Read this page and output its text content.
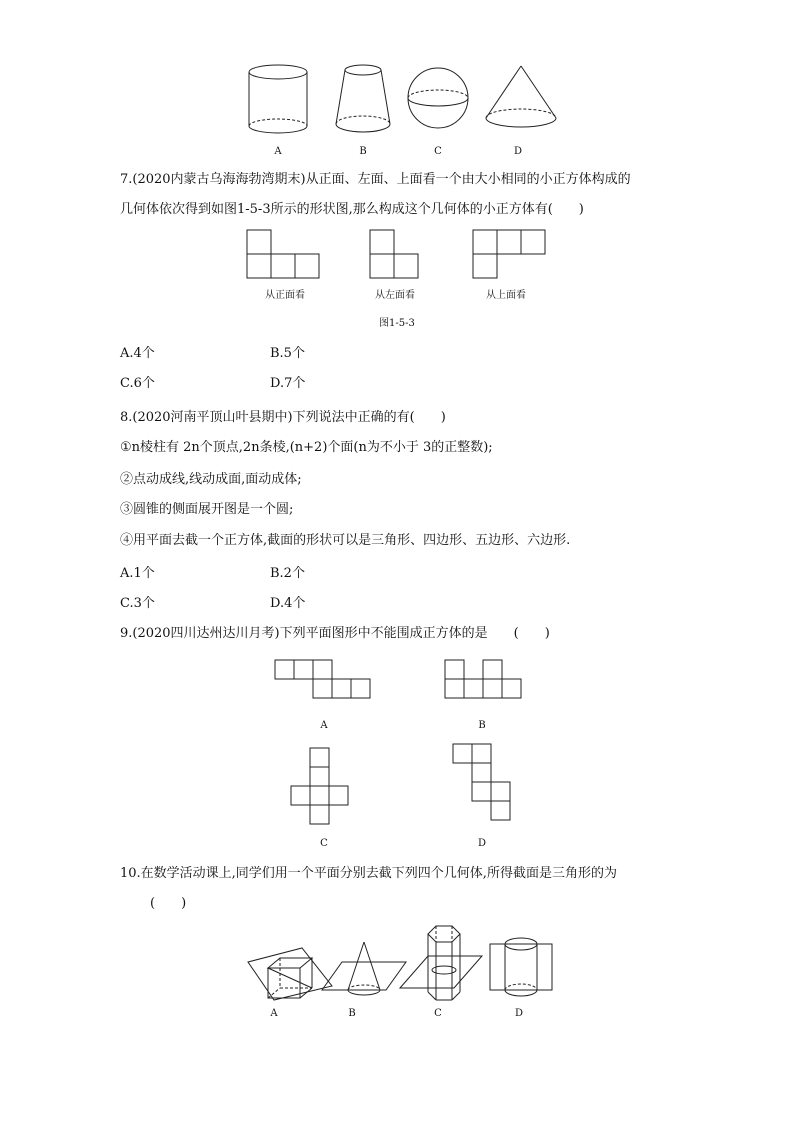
A	B	C	D
7.(2020内蒙古乌海海勃湾期末)从正面、左面、上面看一个由大小相同的小正方体构成的
几何体依次得到如图1-5-3所示的形状图,那么构成这个几何体的小正方体有(　　)
从正面看	从左面看	从上面看
图1-5-3
A.4个	B.5个
C.6个	D.7个
8.(2020河南平顶山叶县期中)下列说法中正确的有(　　)
①n棱柱有 2n个顶点,2n条棱,(n+2)个面(n为不小于 3的正整数);
②点动成线,线动成面,面动成体;
③圆锥的侧面展开图是一个圆;
④用平面去截一个正方体,截面的形状可以是三角形、四边形、五边形、六边形.
A.1个	B.2个
C.3个	D.4个
9.(2020四川达州达川月考)下列平面图形中不能围成正方体的是　　(　　)
A	B
C	D
10.在数学活动课上,同学们用一个平面分别去截下列四个几何体,所得截面是三角形的为
(　　)
A	B	C	D
